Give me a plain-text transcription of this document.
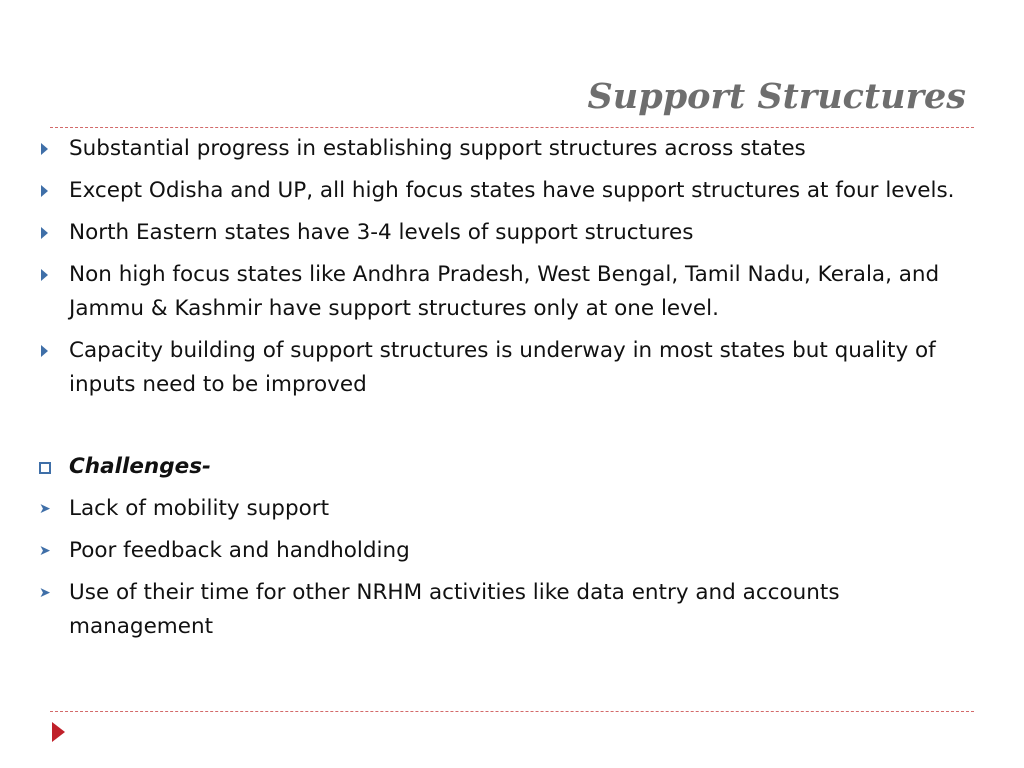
Support Structures
Substantial progress in establishing support structures across states
Except Odisha and UP, all high focus states have support structures at four levels.
North Eastern states have 3-4 levels of support structures
Non high focus states like Andhra Pradesh, West Bengal, Tamil Nadu, Kerala, and Jammu & Kashmir have support structures only at one level.
Capacity building of support structures is underway in most states but quality of inputs need to be improved
Challenges-
➤ Lack of mobility support
➤ Poor feedback and handholding
➤ Use of their time for other NRHM activities like data entry and accounts management
